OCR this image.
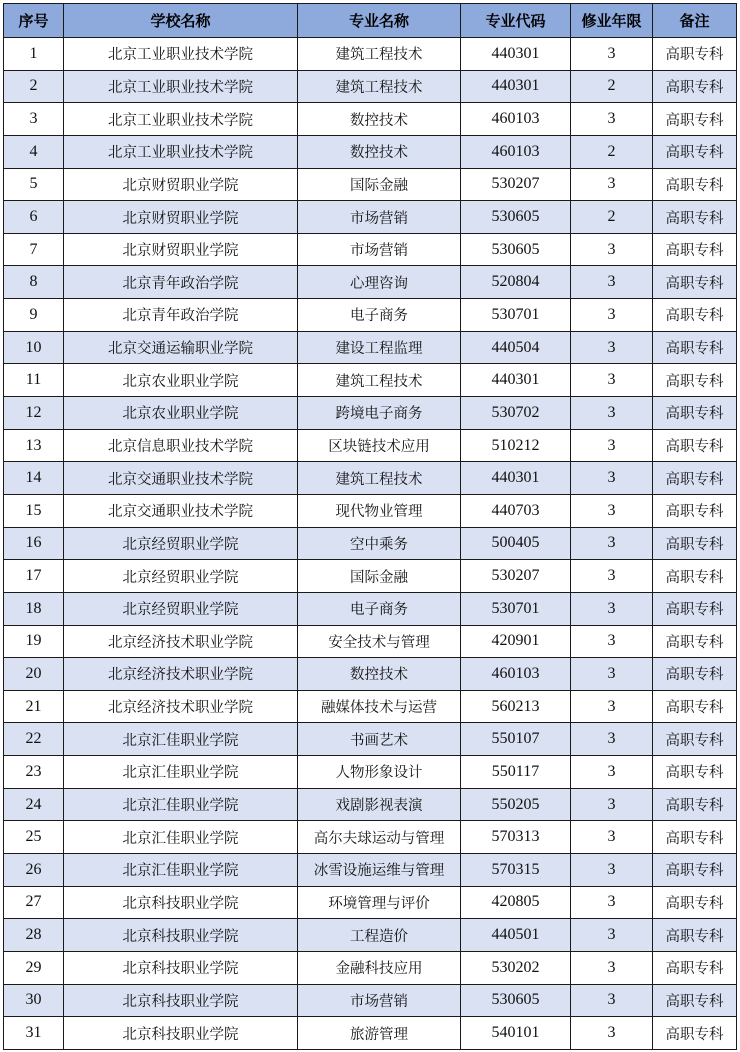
序号	学校名称	专业名称	专业代码	修业年限	备注
1	北京工业职业技术学院	建筑工程技术	440301	3	高职专科
2	北京工业职业技术学院	建筑工程技术	440301	2	高职专科
3	北京工业职业技术学院	数控技术	460103	3	高职专科
4	北京工业职业技术学院	数控技术	460103	2	高职专科
5	北京财贸职业学院	国际金融	530207	3	高职专科
6	北京财贸职业学院	市场营销	530605	2	高职专科
7	北京财贸职业学院	市场营销	530605	3	高职专科
8	北京青年政治学院	心理咨询	520804	3	高职专科
9	北京青年政治学院	电子商务	530701	3	高职专科
10	北京交通运输职业学院	建设工程监理	440504	3	高职专科
11	北京农业职业学院	建筑工程技术	440301	3	高职专科
12	北京农业职业学院	跨境电子商务	530702	3	高职专科
13	北京信息职业技术学院	区块链技术应用	510212	3	高职专科
14	北京交通职业技术学院	建筑工程技术	440301	3	高职专科
15	北京交通职业技术学院	现代物业管理	440703	3	高职专科
16	北京经贸职业学院	空中乘务	500405	3	高职专科
17	北京经贸职业学院	国际金融	530207	3	高职专科
18	北京经贸职业学院	电子商务	530701	3	高职专科
19	北京经济技术职业学院	安全技术与管理	420901	3	高职专科
20	北京经济技术职业学院	数控技术	460103	3	高职专科
21	北京经济技术职业学院	融媒体技术与运营	560213	3	高职专科
22	北京汇佳职业学院	书画艺术	550107	3	高职专科
23	北京汇佳职业学院	人物形象设计	550117	3	高职专科
24	北京汇佳职业学院	戏剧影视表演	550205	3	高职专科
25	北京汇佳职业学院	高尔夫球运动与管理	570313	3	高职专科
26	北京汇佳职业学院	冰雪设施运维与管理	570315	3	高职专科
27	北京科技职业学院	环境管理与评价	420805	3	高职专科
28	北京科技职业学院	工程造价	440501	3	高职专科
29	北京科技职业学院	金融科技应用	530202	3	高职专科
30	北京科技职业学院	市场营销	530605	3	高职专科
31	北京科技职业学院	旅游管理	540101	3	高职专科
